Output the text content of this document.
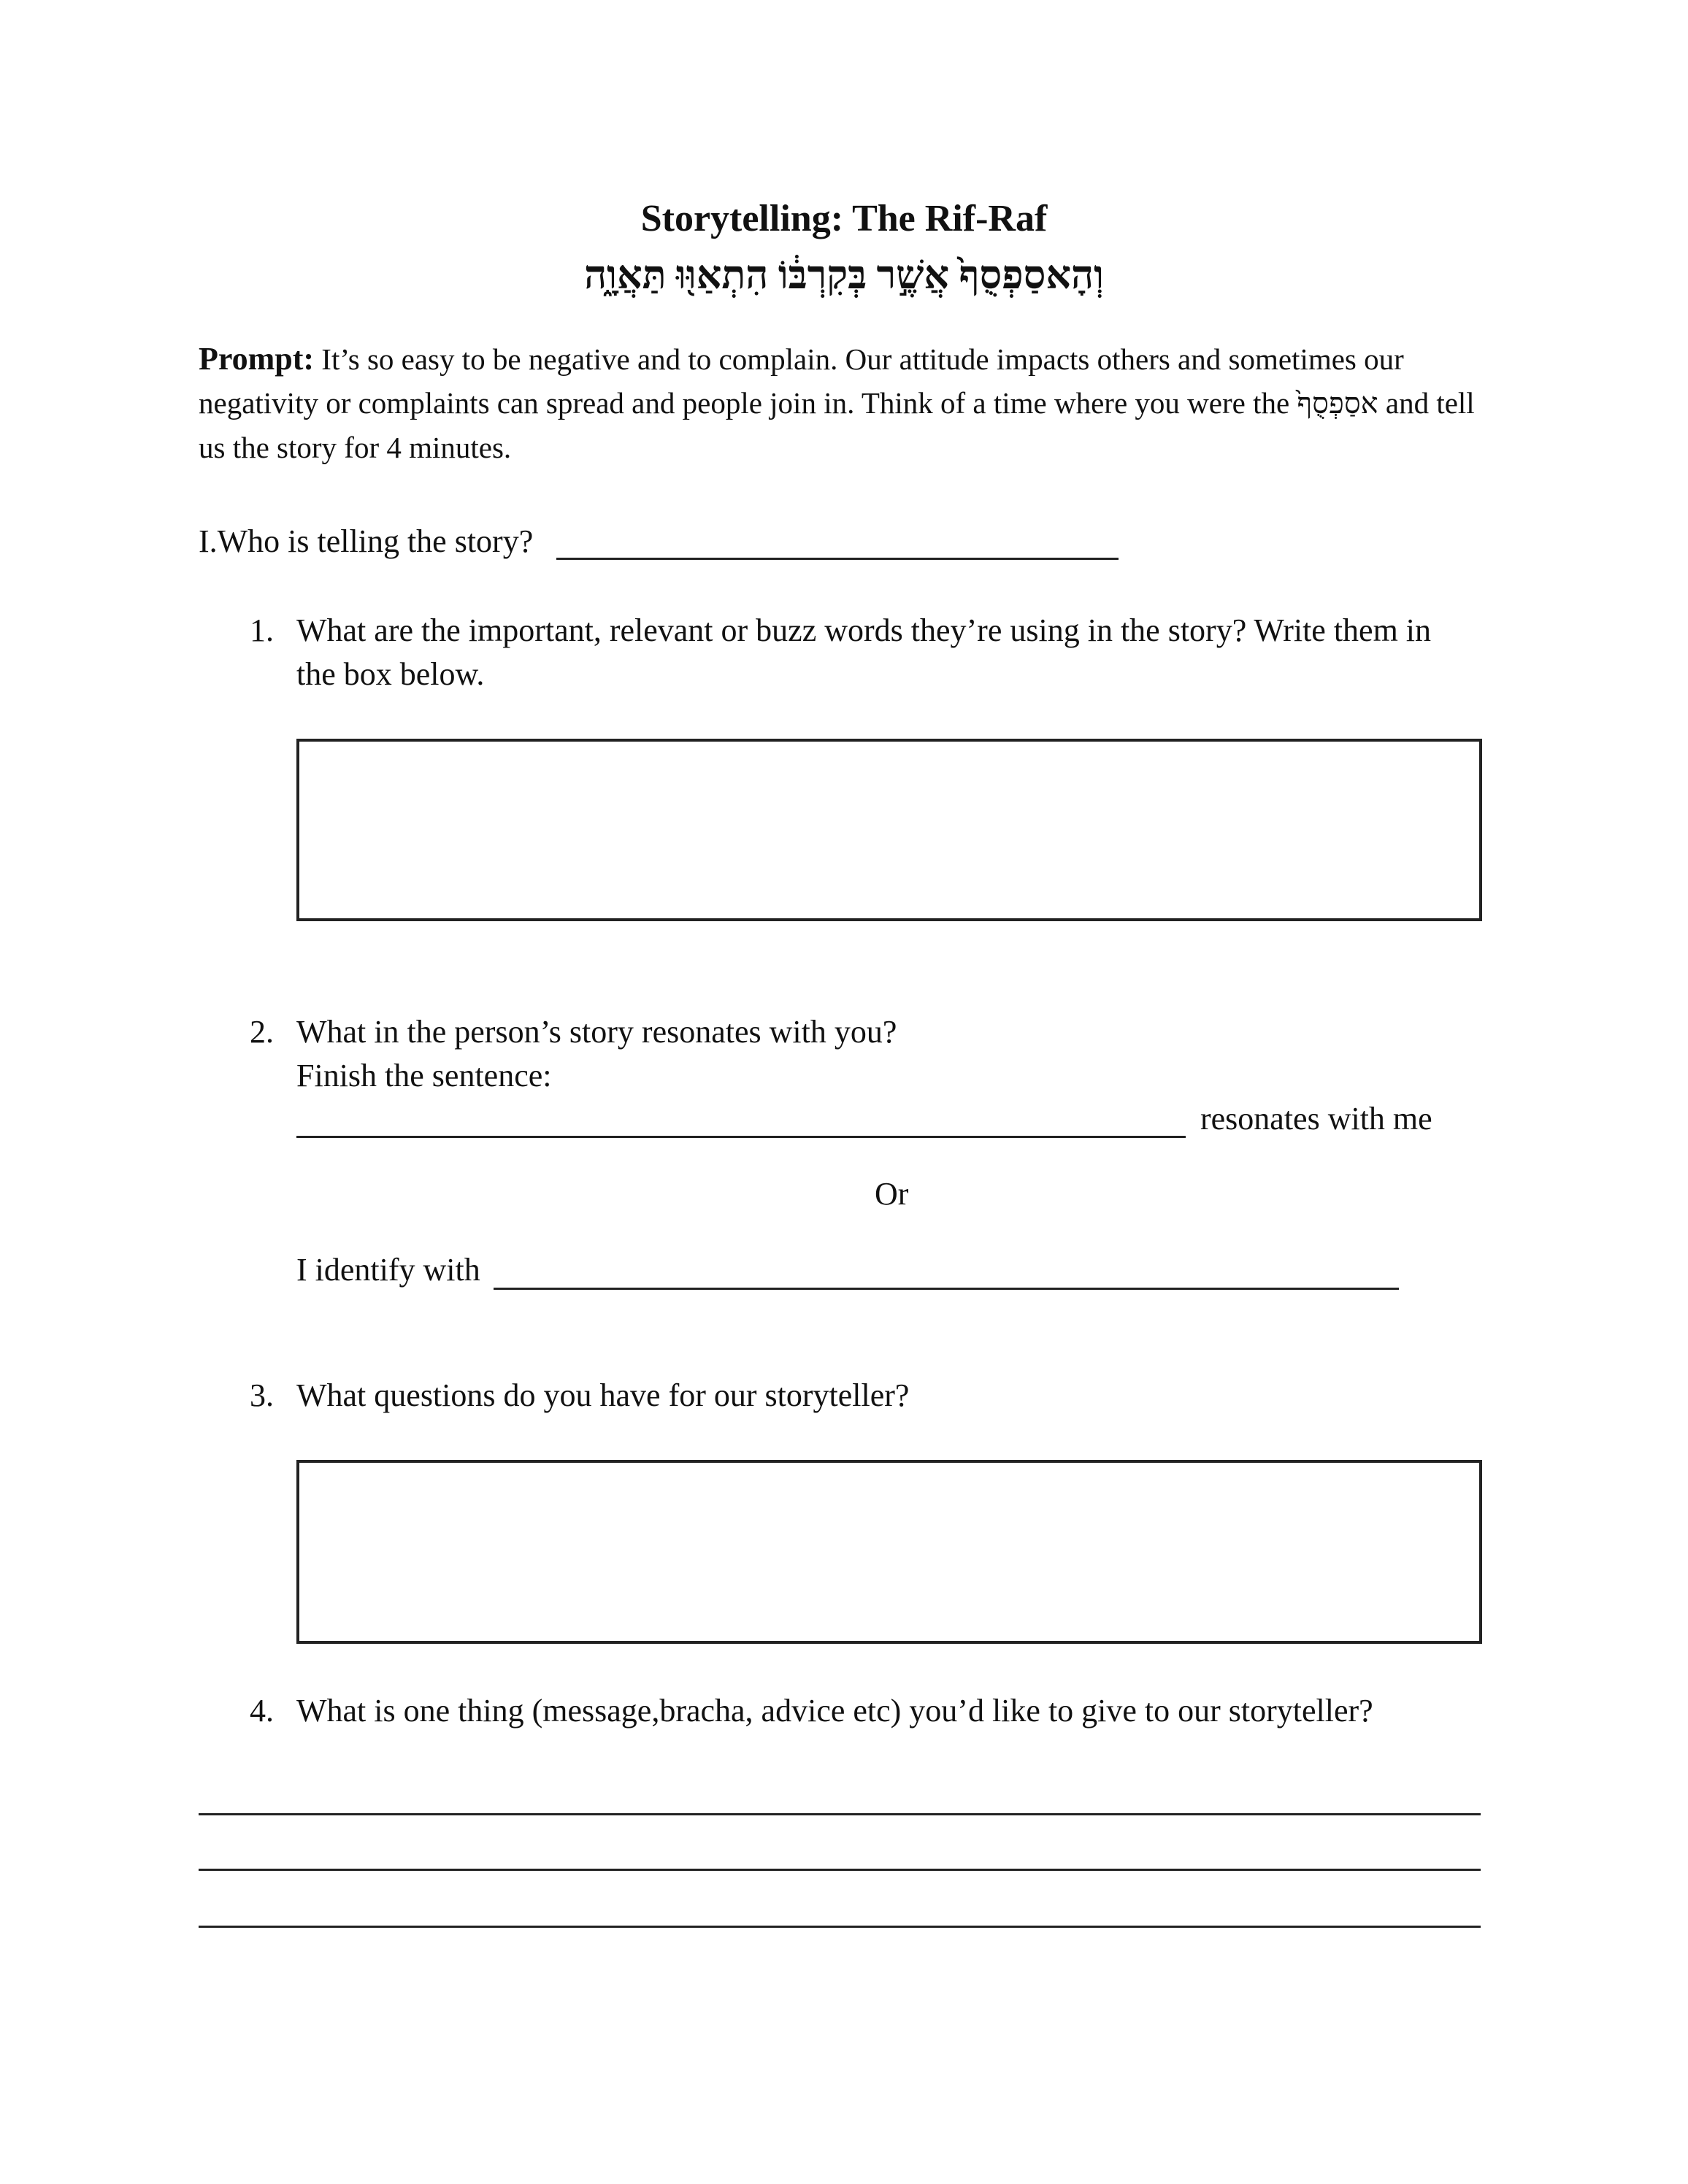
Storytelling: The Rif-Raf
וְהָאסַפְסֻף֙ אֲשֶׁ֣ר בְּקִרְבּ֔וֹ הִתְאַוּ֖וּ תַּאֲוָ֑ה
Prompt: It’s so easy to be negative and to complain. Our attitude impacts others and sometimes our negativity or complaints can spread and people join in. Think of a time where you were the אסַפְסֻף֙ and tell us the story for 4 minutes.
I.Who is telling the story?
1. What are the important, relevant or buzz words they’re using in the story? Write them in
the box below.
2. What in the person’s story resonates with you?
Finish the sentence:
resonates with me
Or
I identify with
3. What questions do you have for our storyteller?
4. What is one thing (message,bracha, advice etc) you’d like to give to our storyteller?
